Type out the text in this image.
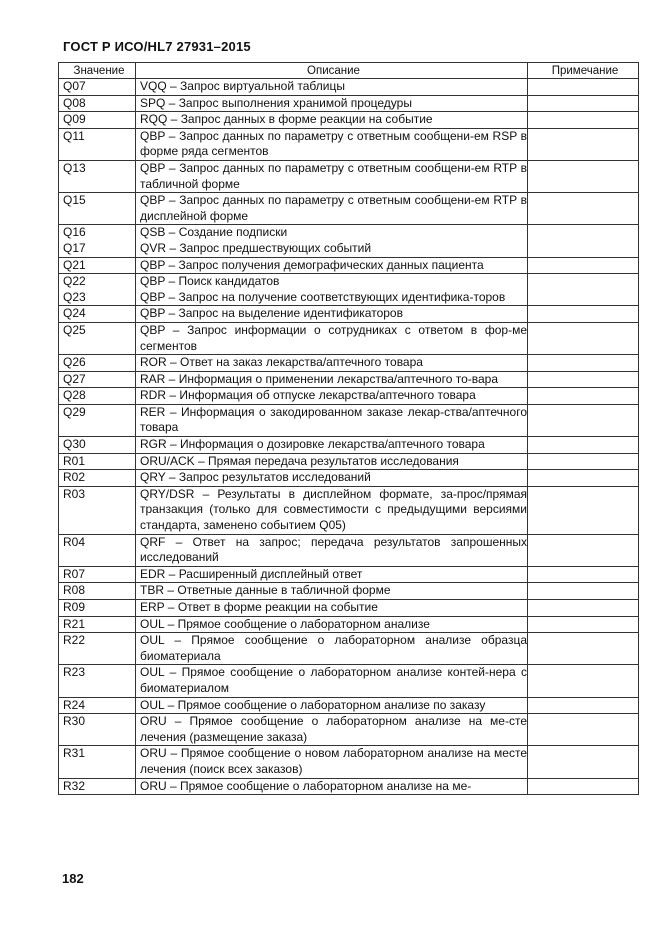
ГОСТ Р ИСО/HL7 27931–2015
Значение	Описание	Примечание
Q07	VQQ – Запрос виртуальной таблицы	
Q08	SPQ – Запрос выполнения хранимой процедуры	
Q09	RQQ – Запрос данных в форме реакции на событие	
Q11	QBP – Запрос данных по параметру с ответным сообщени-ем RSP в форме ряда сегментов	
Q13	QBP – Запрос данных по параметру с ответным сообщени-ем RTP в табличной форме	
Q15	QBP – Запрос данных по параметру с ответным сообщени-ем RTP в дисплейной форме	
Q16	QSB – Создание подписки	
Q17	QVR – Запрос предшествующих событий	
Q21	QBP – Запрос получения демографических данных пациента	
Q22	QBP – Поиск кандидатов	
Q23	QBP – Запрос на получение соответствующих идентифика-торов	
Q24	QBP – Запрос на выделение идентификаторов	
Q25	QBP – Запрос информации о сотрудниках с ответом в фор-ме сегментов	
Q26	ROR – Ответ на заказ лекарства/аптечного товара	
Q27	RAR – Информация о применении лекарства/аптечного то-вара	
Q28	RDR – Информация об отпуске лекарства/аптечного товара	
Q29	RER – Информация о закодированном заказе лекар-ства/аптечного товара	
Q30	RGR – Информация о дозировке лекарства/аптечного товара	
R01	ORU/ACK – Прямая передача результатов исследования	
R02	QRY – Запрос результатов исследований	
R03	QRY/DSR – Результаты в дисплейном формате, за-прос/прямая транзакция (только для совместимости с предыдущими версиями стандарта, заменено событием Q05)	
R04	QRF – Ответ на запрос; передача результатов запрошенных исследований	
R07	EDR – Расширенный дисплейный ответ	
R08	TBR – Ответные данные в табличной форме	
R09	ERP – Ответ в форме реакции на событие	
R21	OUL – Прямое сообщение о лабораторном анализе	
R22	OUL – Прямое сообщение о лабораторном анализе образца биоматериала	
R23	OUL – Прямое сообщение о лабораторном анализе контей-нера с биоматериалом	
R24	OUL – Прямое сообщение о лабораторном анализе по заказу	
R30	ORU – Прямое сообщение о лабораторном анализе на ме-сте лечения (размещение заказа)	
R31	ORU – Прямое сообщение о новом лабораторном анализе на месте лечения (поиск всех заказов)	
R32	ORU – Прямое сообщение о лабораторном анализе на ме-	
182
